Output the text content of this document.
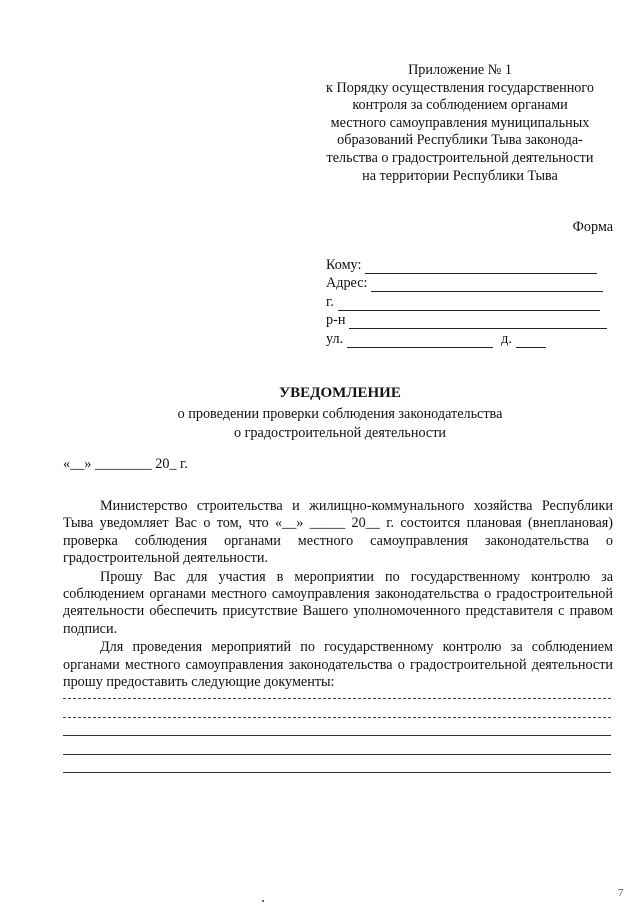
Приложение № 1
к Порядку осуществления государственного
контроля за соблюдением органами
местного самоуправления муниципальных
образований Республики Тыва законода-
тельства о градостроительной деятельности
на территории Республики Тыва
Форма
Кому:
Адрес:
г.
р-н
ул.	д.
УВЕДОМЛЕНИЕ
о проведении проверки соблюдения законодательства
о градостроительной деятельности
«__» ________ 20_ г.

Министерство строительства и жилищно-коммунального хозяйства Республики Тыва уведомляет Вас о том, что «__» _____ 20__ г. состоится плановая (внеплановая) проверка соблюдения органами местного самоуправления законодательства о градостроительной деятельности.

Прошу Вас для участия в мероприятии по государственному контролю за соблюдением органами местного самоуправления законодательства о градостроительной деятельности обеспечить присутствие Вашего уполномоченного представителя с правом подписи.

Для проведения мероприятий по государственному контролю за соблюдением органами местного самоуправления законодательства о градостроительной деятельности прошу предоставить следующие документы:

7
